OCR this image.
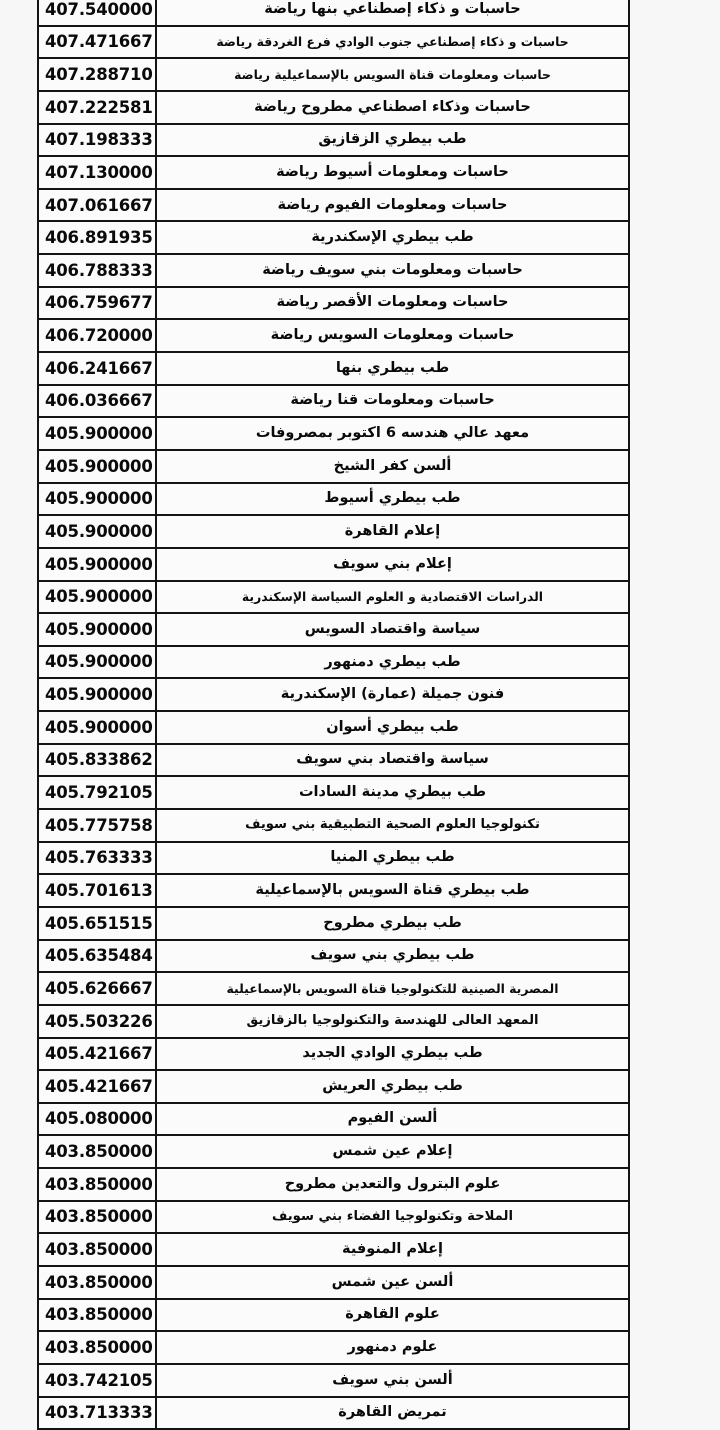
حاسبات و ذكاء إصطناعي بنها رياضة	407.540000
حاسبات و ذكاء إصطناعي جنوب الوادي فرع الغردقة رياضة	407.471667
حاسبات ومعلومات قناة السويس بالإسماعيلية رياضة	407.288710
حاسبات وذكاء اصطناعي مطروح رياضة	407.222581
طب بيطري الزقازيق	407.198333
حاسبات ومعلومات أسيوط رياضة	407.130000
حاسبات ومعلومات الفيوم رياضة	407.061667
طب بيطري الإسكندرية	406.891935
حاسبات ومعلومات بني سويف رياضة	406.788333
حاسبات ومعلومات الأقصر رياضة	406.759677
حاسبات ومعلومات السويس رياضة	406.720000
طب بيطري بنها	406.241667
حاسبات ومعلومات قنا رياضة	406.036667
معهد عالي هندسه 6 اكتوبر بمصروفات	405.900000
ألسن كفر الشيخ	405.900000
طب بيطري أسيوط	405.900000
إعلام القاهرة	405.900000
إعلام بني سويف	405.900000
الدراسات الاقتصادية و العلوم السياسة الإسكندرية	405.900000
سياسة واقتصاد السويس	405.900000
طب بيطري دمنهور	405.900000
فنون جميلة (عمارة) الإسكندرية	405.900000
طب بيطري أسوان	405.900000
سياسة واقتصاد بني سويف	405.833862
طب بيطري مدينة السادات	405.792105
تكنولوجيا العلوم الصحية التطبيقية بني سويف	405.775758
طب بيطري المنيا	405.763333
طب بيطري قناة السويس بالإسماعيلية	405.701613
طب بيطري مطروح	405.651515
طب بيطري بني سويف	405.635484
المصرية الصينية للتكنولوجيا قناة السويس بالإسماعيلية	405.626667
المعهد العالى للهندسة والتكنولوجيا بالزقازيق	405.503226
طب بيطري الوادي الجديد	405.421667
طب بيطري العريش	405.421667
ألسن الفيوم	405.080000
إعلام عين شمس	403.850000
علوم البترول والتعدين مطروح	403.850000
الملاحة وتكنولوجيا الفضاء بني سويف	403.850000
إعلام المنوفية	403.850000
ألسن عين شمس	403.850000
علوم القاهرة	403.850000
علوم دمنهور	403.850000
ألسن بني سويف	403.742105
تمريض القاهرة	403.713333
